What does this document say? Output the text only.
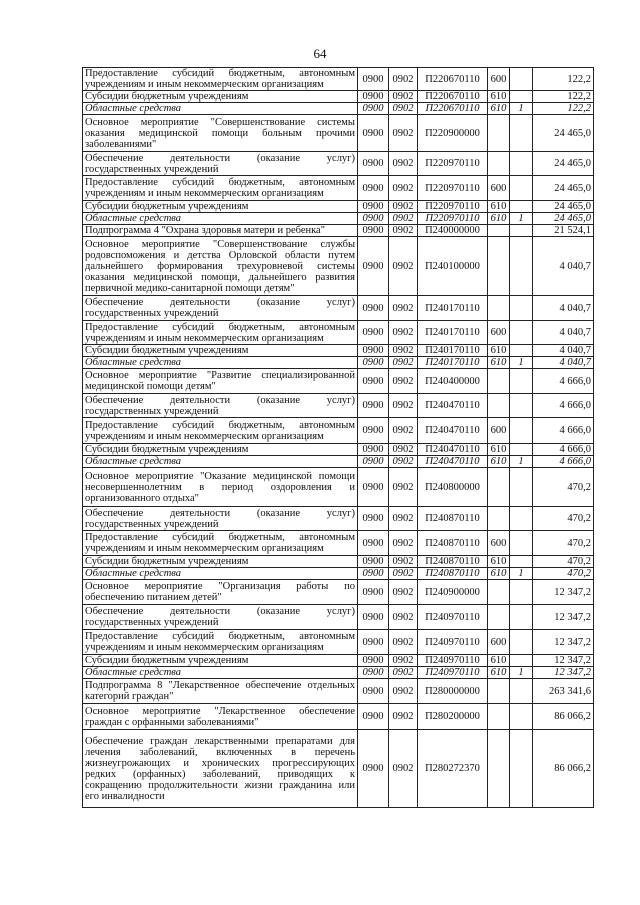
64
Предоставление субсидий бюджетным, автономным учреждениям и иным некоммерческим организациям	0900	0902	П220670110	600		122,2
Субсидии бюджетным учреждениям	0900	0902	П220670110	610		122,2
Областные средства	0900	0902	П220670110	610	1	122,2
Основное мероприятие "Совершенствование системы оказания медицинской помощи больным прочими заболеваниями"	0900	0902	П220900000			24 465,0
Обеспечение деятельности (оказание услуг) государственных учреждений	0900	0902	П220970110			24 465,0
Предоставление субсидий бюджетным, автономным учреждениям и иным некоммерческим организациям	0900	0902	П220970110	600		24 465,0
Субсидии бюджетным учреждениям	0900	0902	П220970110	610		24 465,0
Областные средства	0900	0902	П220970110	610	1	24 465,0
Подпрограмма 4 "Охрана здоровья матери и ребенка"	0900	0902	П240000000			21 524,1
Основное мероприятие "Совершенствование службы родовспоможения и детства Орловской области путем дальнейшего формирования трехуровневой системы оказания медицинской помощи, дальнейшего развития первичной медико-санитарной помощи детям"	0900	0902	П240100000			4 040,7
Обеспечение деятельности (оказание услуг) государственных учреждений	0900	0902	П240170110			4 040,7
Предоставление субсидий бюджетным, автономным учреждениям и иным некоммерческим организациям	0900	0902	П240170110	600		4 040,7
Субсидии бюджетным учреждениям	0900	0902	П240170110	610		4 040,7
Областные средства	0900	0902	П240170110	610	1	4 040,7
Основное мероприятие "Развитие специализированной медицинской помощи детям"	0900	0902	П240400000			4 666,0
Обеспечение деятельности (оказание услуг) государственных учреждений	0900	0902	П240470110			4 666,0
Предоставление субсидий бюджетным, автономным учреждениям и иным некоммерческим организациям	0900	0902	П240470110	600		4 666,0
Субсидии бюджетным учреждениям	0900	0902	П240470110	610		4 666,0
Областные средства	0900	0902	П240470110	610	1	4 666,0
Основное мероприятие "Оказание медицинской помощи несовершеннолетним в период оздоровления и организованного отдыха"	0900	0902	П240800000			470,2
Обеспечение деятельности (оказание услуг) государственных учреждений	0900	0902	П240870110			470,2
Предоставление субсидий бюджетным, автономным учреждениям и иным некоммерческим организациям	0900	0902	П240870110	600		470,2
Субсидии бюджетным учреждениям	0900	0902	П240870110	610		470,2
Областные средства	0900	0902	П240870110	610	1	470,2
Основное мероприятие "Организация работы по обеспечению питанием детей"	0900	0902	П240900000			12 347,2
Обеспечение деятельности (оказание услуг) государственных учреждений	0900	0902	П240970110			12 347,2
Предоставление субсидий бюджетным, автономным учреждениям и иным некоммерческим организациям	0900	0902	П240970110	600		12 347,2
Субсидии бюджетным учреждениям	0900	0902	П240970110	610		12 347,2
Областные средства	0900	0902	П240970110	610	1	12 347,2
Подпрограмма 8 "Лекарственное обеспечение отдельных категорий граждан"	0900	0902	П280000000			263 341,6
Основное мероприятие "Лекарственное обеспечение граждан с орфанными заболеваниями"	0900	0902	П280200000			86 066,2
Обеспечение граждан лекарственными препаратами для лечения заболеваний, включенных в перечень жизнеугрожающих и хронических прогрессирующих редких (орфанных) заболеваний, приводящих к сокращению продолжительности жизни гражданина или его инвалидности	0900	0902	П280272370			86 066,2
